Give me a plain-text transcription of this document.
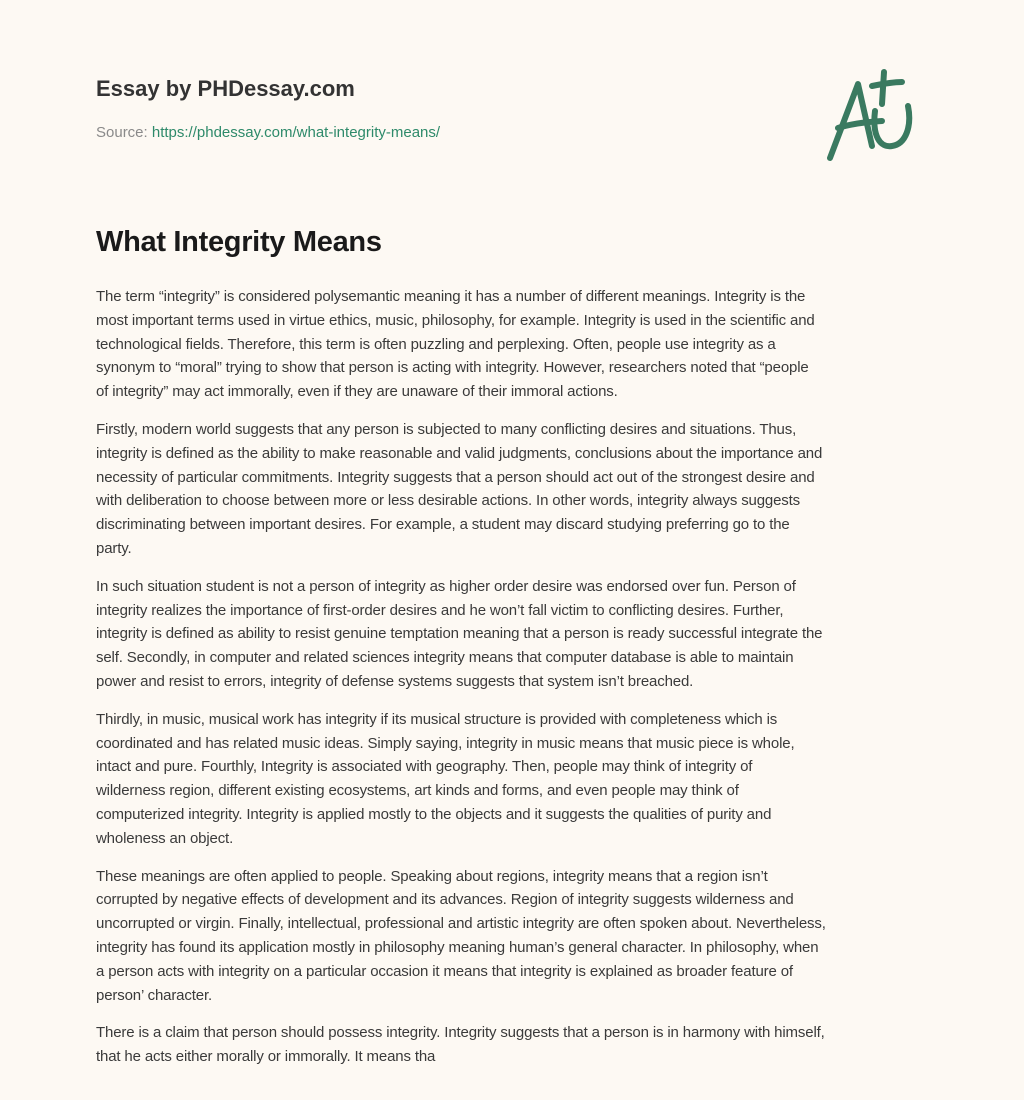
Essay by PHDessay.com
Source: https://phdessay.com/what-integrity-means/
What Integrity Means

The term “integrity” is considered polysemantic meaning it has a number of different meanings. Integrity is the
most important terms used in virtue ethics, music, philosophy, for example. Integrity is used in the scientific and
technological fields. Therefore, this term is often puzzling and perplexing. Often, people use integrity as a
synonym to “moral” trying to show that person is acting with integrity. However, researchers noted that “people
of integrity” may act immorally, even if they are unaware of their immoral actions.

Firstly, modern world suggests that any person is subjected to many conflicting desires and situations. Thus,
integrity is defined as the ability to make reasonable and valid judgments, conclusions about the importance and
necessity of particular commitments. Integrity suggests that a person should act out of the strongest desire and
with deliberation to choose between more or less desirable actions. In other words, integrity always suggests
discriminating between important desires. For example, a student may discard studying preferring go to the
party.

In such situation student is not a person of integrity as higher order desire was endorsed over fun. Person of
integrity realizes the importance of first-order desires and he won’t fall victim to conflicting desires. Further,
integrity is defined as ability to resist genuine temptation meaning that a person is ready successful integrate the
self. Secondly, in computer and related sciences integrity means that computer database is able to maintain
power and resist to errors, integrity of defense systems suggests that system isn’t breached.

Thirdly, in music, musical work has integrity if its musical structure is provided with completeness which is
coordinated and has related music ideas. Simply saying, integrity in music means that music piece is whole,
intact and pure. Fourthly, Integrity is associated with geography. Then, people may think of integrity of
wilderness region, different existing ecosystems, art kinds and forms, and even people may think of
computerized integrity. Integrity is applied mostly to the objects and it suggests the qualities of purity and
wholeness an object.

These meanings are often applied to people. Speaking about regions, integrity means that a region isn’t
corrupted by negative effects of development and its advances. Region of integrity suggests wilderness and
uncorrupted or virgin. Finally, intellectual, professional and artistic integrity are often spoken about. Nevertheless,
integrity has found its application mostly in philosophy meaning human’s general character. In philosophy, when
a person acts with integrity on a particular occasion it means that integrity is explained as broader feature of
person’ character.

There is a claim that person should possess integrity. Integrity suggests that a person is in harmony with himself,
that he acts either morally or immorally. It means tha
